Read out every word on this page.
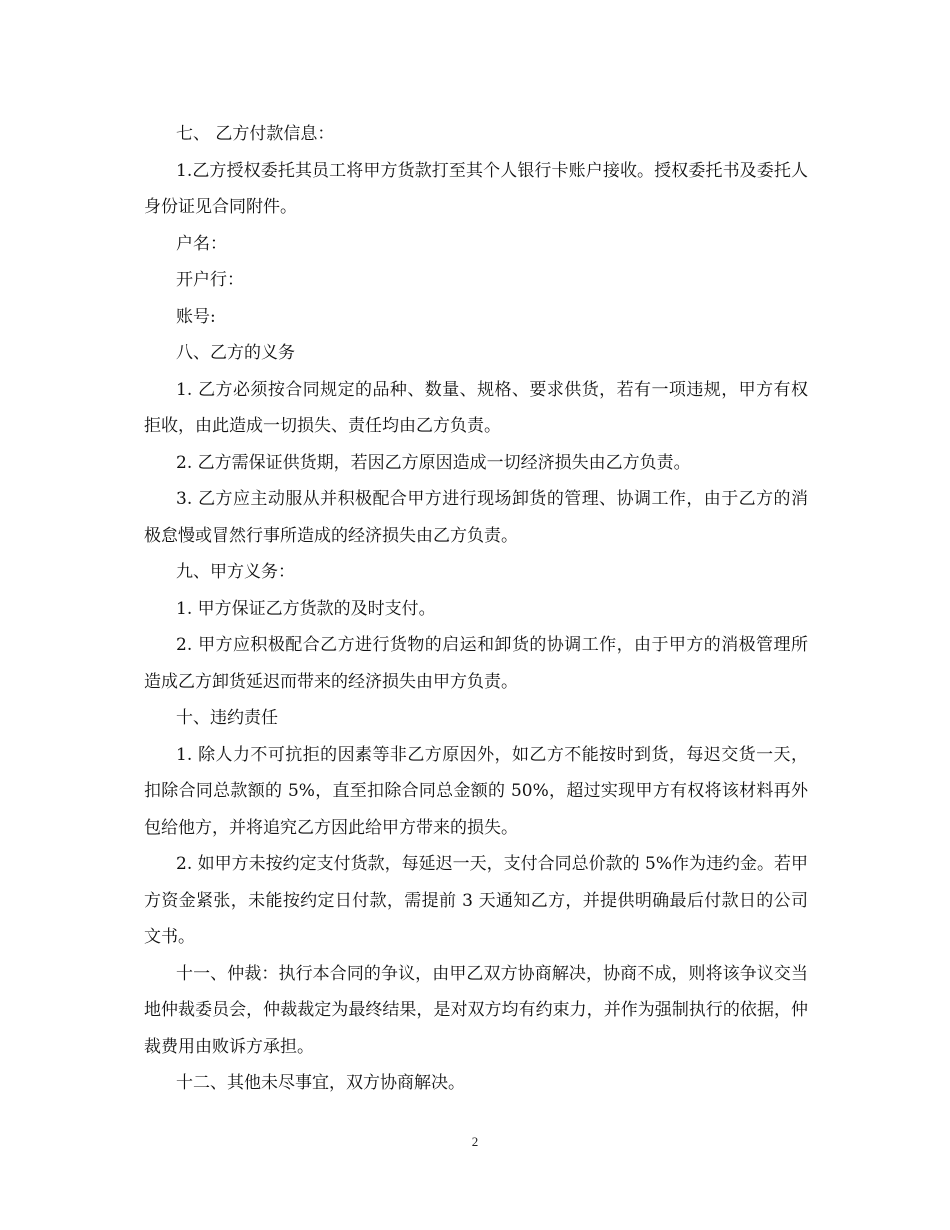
七、 乙方付款信息：

1.乙方授权委托其员工将甲方货款打至其个人银行卡账户接收。授权委托书及委托人身份证见合同附件。

户名：

开户行：

账号:

八、乙方的义务

1. 乙方必须按合同规定的品种、数量、规格、要求供货，若有一项违规，甲方有权拒收，由此造成一切损失、责任均由乙方负责。

2. 乙方需保证供货期，若因乙方原因造成一切经济损失由乙方负责。

3. 乙方应主动服从并积极配合甲方进行现场卸货的管理、协调工作，由于乙方的消极怠慢或冒然行事所造成的经济损失由乙方负责。

九、甲方义务：

1. 甲方保证乙方货款的及时支付。

2. 甲方应积极配合乙方进行货物的启运和卸货的协调工作，由于甲方的消极管理所造成乙方卸货延迟而带来的经济损失由甲方负责。

十、违约责任

1. 除人力不可抗拒的因素等非乙方原因外，如乙方不能按时到货，每迟交货一天，扣除合同总款额的 5%，直至扣除合同总金额的 50%，超过实现甲方有权将该材料再外包给他方，并将追究乙方因此给甲方带来的损失。

2. 如甲方未按约定支付货款，每延迟一天，支付合同总价款的 5%作为违约金。若甲方资金紧张，未能按约定日付款，需提前 3 天通知乙方，并提供明确最后付款日的公司文书。

十一、仲裁：执行本合同的争议，由甲乙双方协商解决，协商不成，则将该争议交当地仲裁委员会，仲裁裁定为最终结果，是对双方均有约束力，并作为强制执行的依据，仲裁费用由败诉方承担。

十二、其他未尽事宜，双方协商解决。

2
